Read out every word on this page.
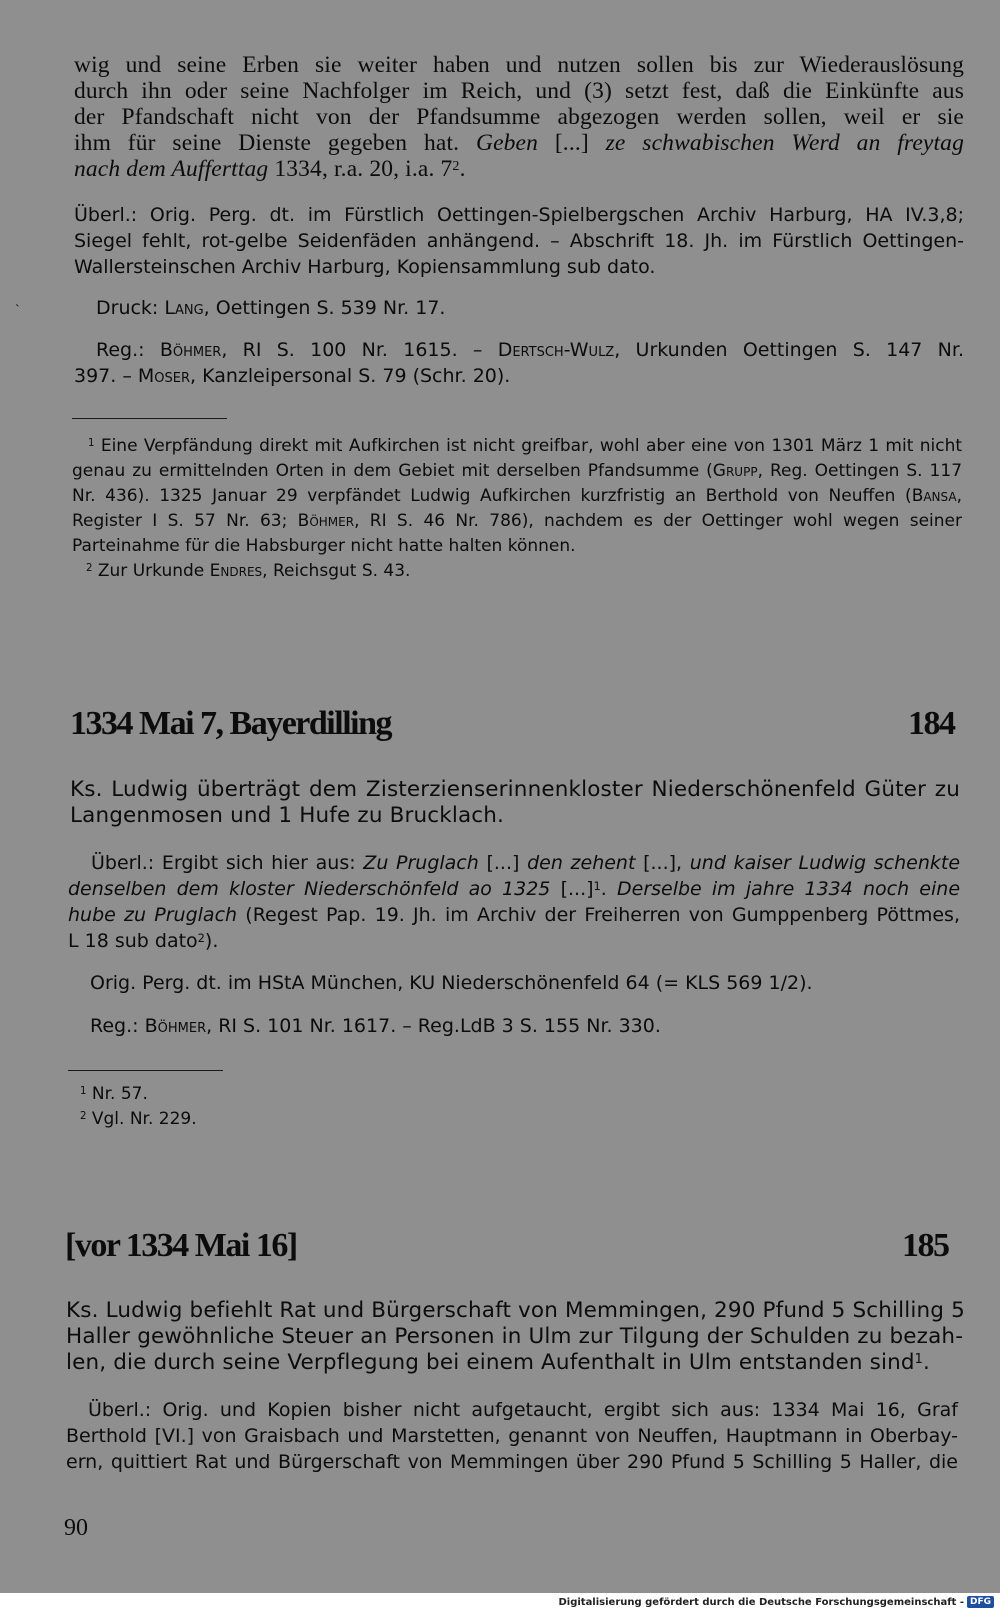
wig und seine Erben sie weiter haben und nutzen sollen bis zur Wiederauslösung
durch ihn oder seine Nachfolger im Reich, und (3) setzt fest, daß die Einkünfte aus
der Pfandschaft nicht von der Pfandsumme abgezogen werden sollen, weil er sie
ihm für seine Dienste gegeben hat. Geben [...] ze schwabischen Werd an freytag
nach dem Aufferttag 1334, r.a. 20, i.a. $7^2$.

Überl.: Orig. Perg. dt. im Fürstlich Oettingen-Spielbergschen Archiv Harburg, HA IV.3,8;
Siegel fehlt, rot-gelbe Seidenfäden anhängend. – Abschrift 18. Jh. im Fürstlich Oettingen-
Wallersteinschen Archiv Harburg, Kopiensammlung sub dato.

`	Druck: Lang, Oettingen S. 539 Nr. 17.

Reg.: Böhmer, RI S. 100 Nr. 1615. – Dertsch-Wulz, Urkunden Oettingen S. 147 Nr.
397. – Moser, Kanzleipersonal S. 79 (Schr. 20).

$^1$ Eine Verpfändung direkt mit Aufkirchen ist nicht greifbar, wohl aber eine von 1301 März 1 mit nicht
genau zu ermittelnden Orten in dem Gebiet mit derselben Pfandsumme (Grupp, Reg. Oettingen S. 117
Nr. 436). 1325 Januar 29 verpfändet Ludwig Aufkirchen kurzfristig an Berthold von Neuffen (Bansa,
Register I S. 57 Nr. 63; Böhmer, RI S. 46 Nr. 786), nachdem es der Oettinger wohl wegen seiner
Parteinahme für die Habsburger nicht hatte halten können.
$^2$ Zur Urkunde Endres, Reichsgut S. 43.

1334 Mai 7, Bayerdilling	184

Ks. Ludwig überträgt dem Zisterzienserinnenkloster Niederschönenfeld Güter zu
Langenmosen und 1 Hufe zu Brucklach.

Überl.: Ergibt sich hier aus: Zu Pruglach [...] den zehent [...], und kaiser Ludwig schenkte
denselben dem kloster Niederschönfeld ao 1325 [...]$^1$. Derselbe im jahre 1334 noch eine
hube zu Pruglach (Regest Pap. 19. Jh. im Archiv der Freiherren von Gumppenberg Pöttmes,
L 18 sub dato$^2$).

Orig. Perg. dt. im HStA München, KU Niederschönenfeld 64 (= KLS 569 1/2).

Reg.: Böhmer, RI S. 101 Nr. 1617. – Reg.LdB 3 S. 155 Nr. 330.

$^1$ Nr. 57.
$^2$ Vgl. Nr. 229.

[vor 1334 Mai 16]	185

Ks. Ludwig befiehlt Rat und Bürgerschaft von Memmingen, 290 Pfund 5 Schilling 5
Haller gewöhnliche Steuer an Personen in Ulm zur Tilgung der Schulden zu bezah-
len, die durch seine Verpflegung bei einem Aufenthalt in Ulm entstanden sind$^1$.

Überl.: Orig. und Kopien bisher nicht aufgetaucht, ergibt sich aus: 1334 Mai 16, Graf
Berthold [VI.] von Graisbach und Marstetten, genannt von Neuffen, Hauptmann in Oberbay-
ern, quittiert Rat und Bürgerschaft von Memmingen über 290 Pfund 5 Schilling 5 Haller, die

90
Digitalisierung gefördert durch die Deutsche Forschungsgemeinschaft - DFG
